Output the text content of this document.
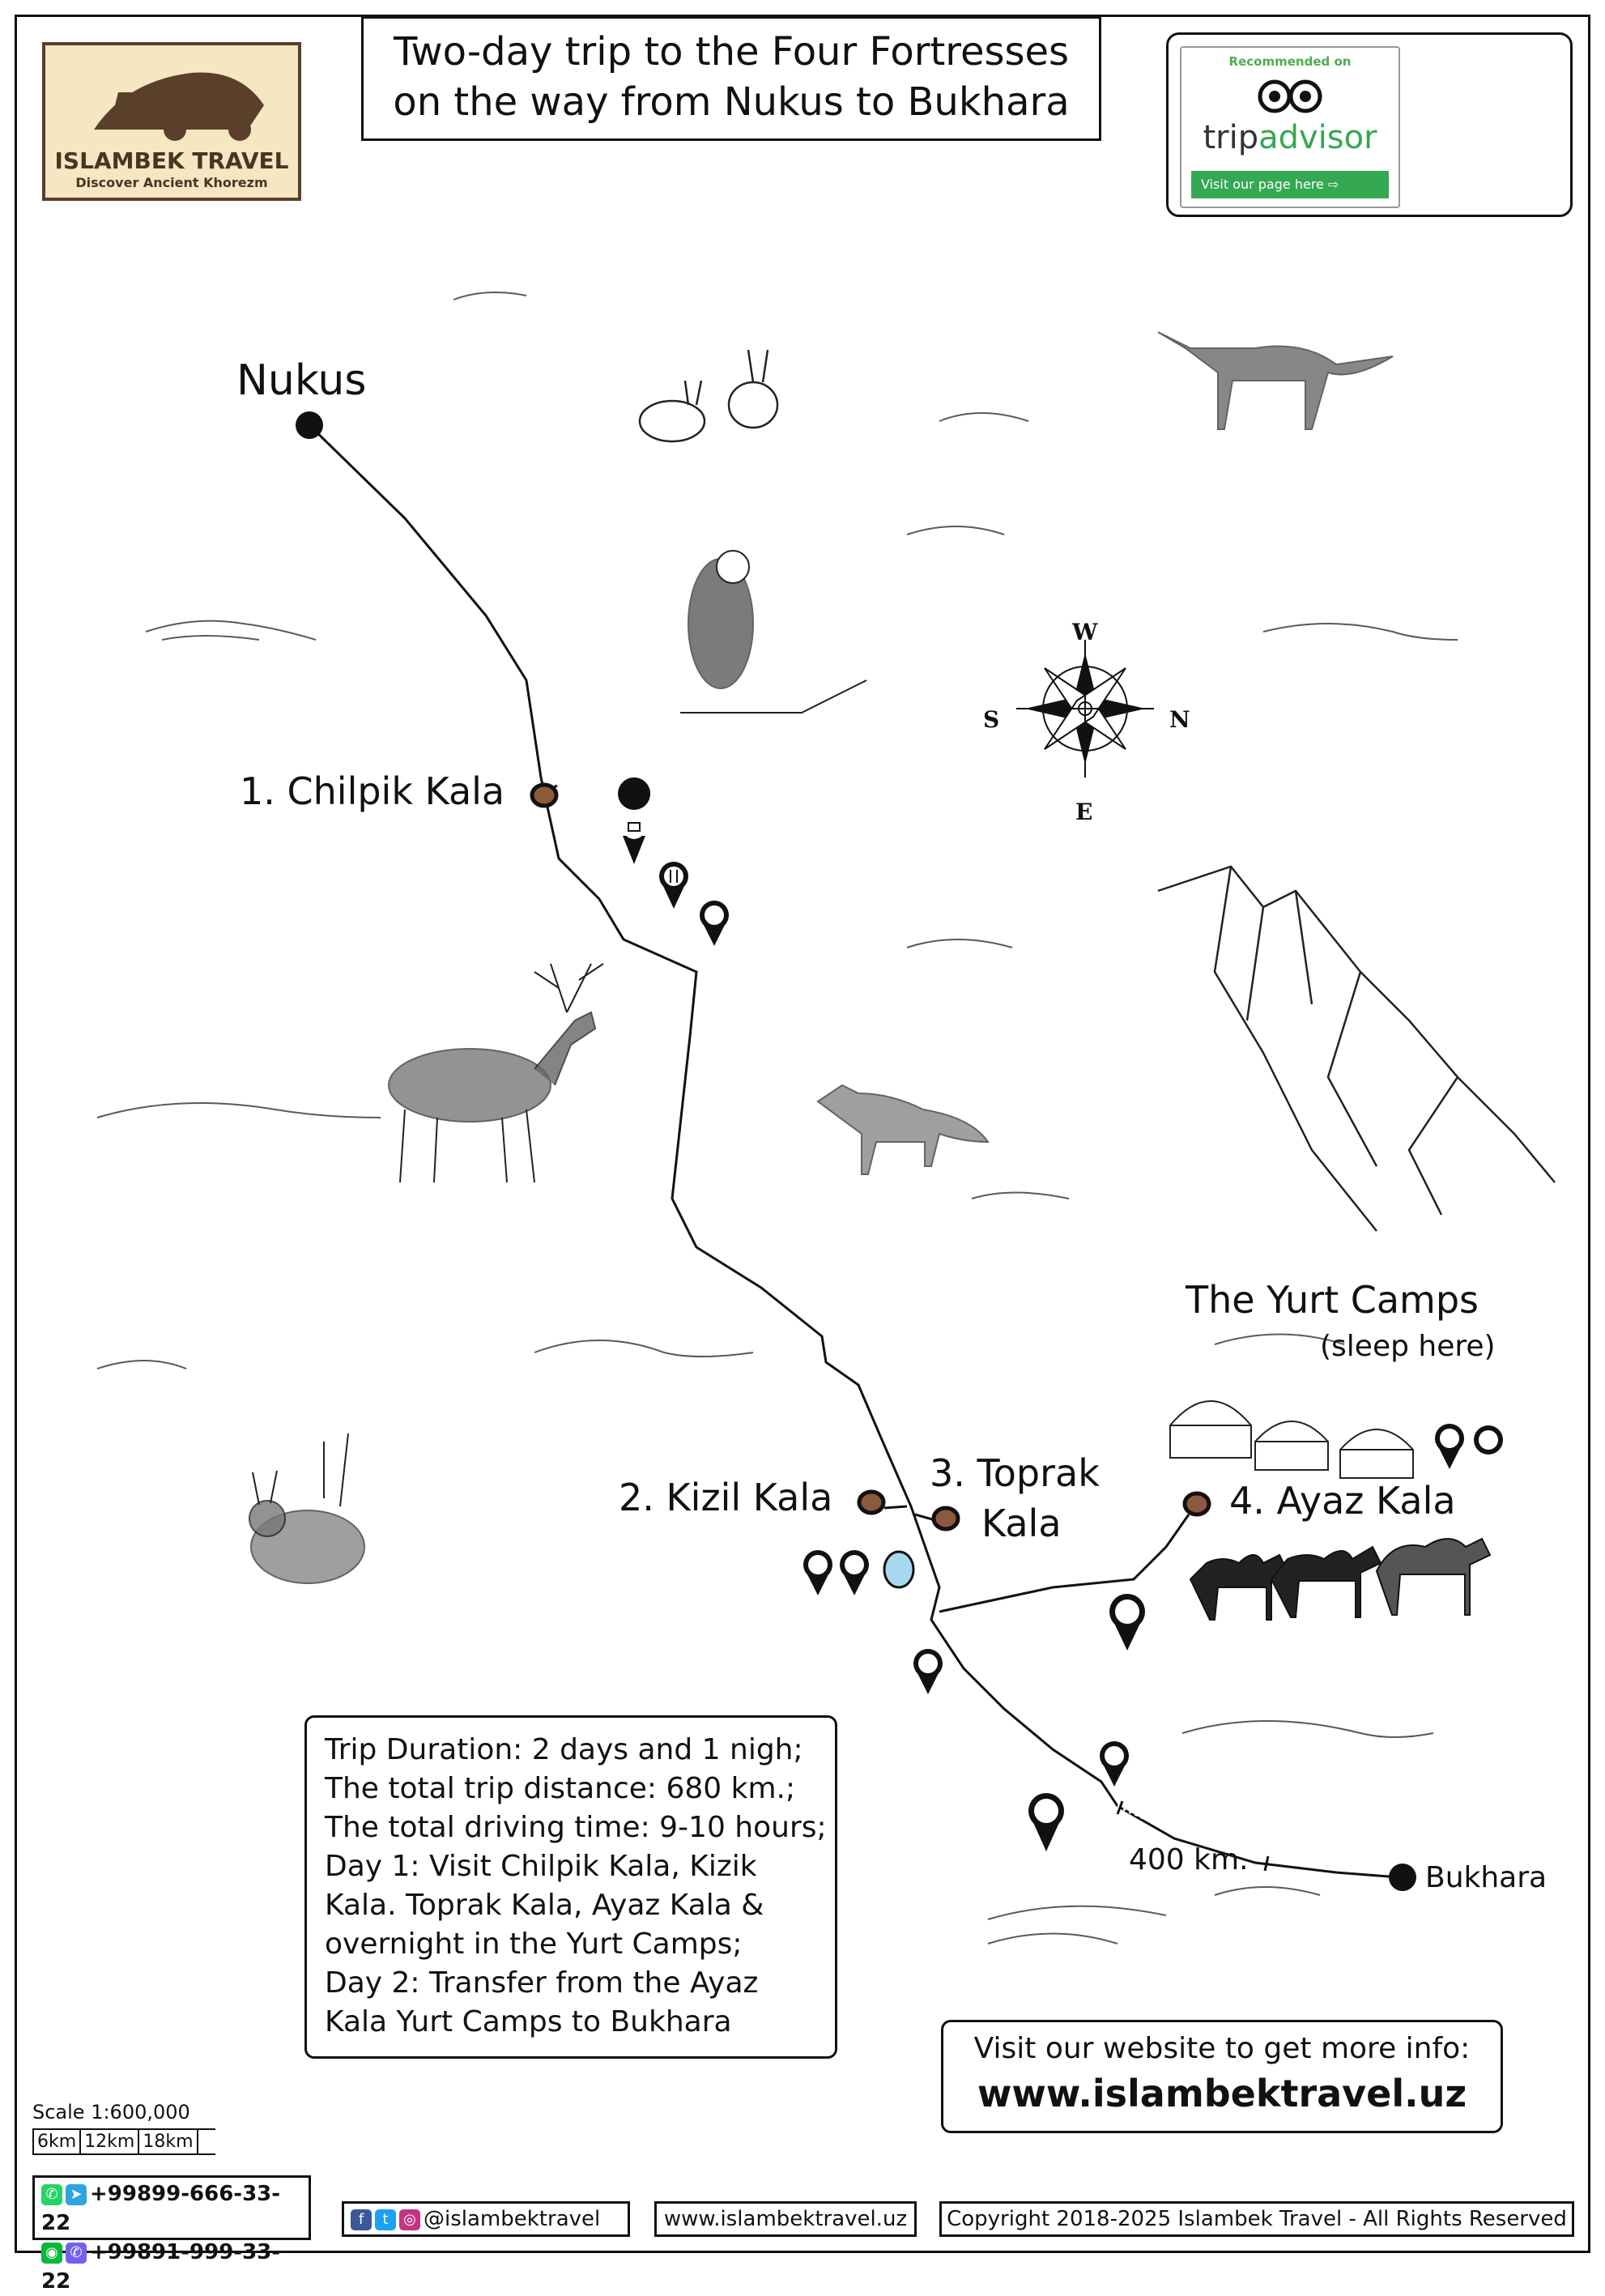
ISLAMBEK TRAVEL
Discover Ancient Khorezm
Two-day trip to the Four Fortresses
on the way from Nukus to Bukhara
Recommended on
tripadvisor
Visit our page here ⇨
Nukus
1. Chilpik Kala
2. Kizil Kala
3. Toprak
Kala
4. Ayaz Kala
Bukhara
The Yurt Camps
(sleep here)
400 km.
W
N
S
E
Trip Duration: 2 days and 1 nigh;
The total trip distance: 680 km.;
The total driving time: 9-10 hours;
Day 1: Visit Chilpik Kala, Kizik
Kala. Toprak Kala, Ayaz Kala &
overnight in the Yurt Camps;
Day 2: Transfer from the Ayaz
Kala Yurt Camps to Bukhara
Visit our website to get more info:
www.islambektravel.uz
Scale 1:600,000
6km 12km 18km
✆ ➤ +99899-666-33-22
◉ ✆ +99891-999-33-22
f t ◎ @islambektravel	www.islambektravel.uz	Copyright 2018-2025 Islambek Travel - All Rights Reserved
